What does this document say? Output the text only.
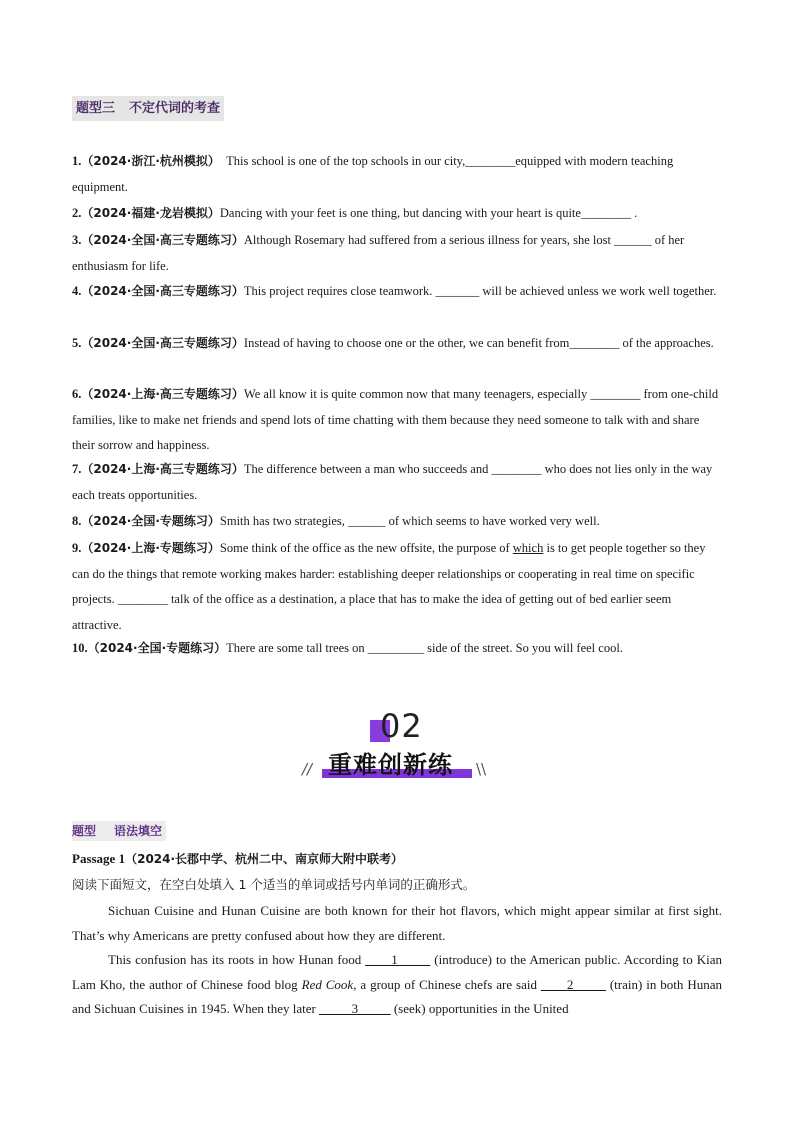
题型三 不定代词的考查
1.（2024·浙江·杭州模拟） This school is one of the top schools in our city,________equipped with modern teaching equipment.
2.（2024·福建·龙岩模拟）Dancing with your feet is one thing, but dancing with your heart is quite________ .
3.（2024·全国·高三专题练习）Although Rosemary had suffered from a serious illness for years, she lost ______ of her enthusiasm for life.
4.（2024·全国·高三专题练习）This project requires close teamwork. _______ will be achieved unless we work well together.
5.（2024·全国·高三专题练习）Instead of having to choose one or the other, we can benefit from________ of the approaches.
6.（2024·上海·高三专题练习）We all know it is quite common now that many teenagers, especially ________ from one-child families, like to make net friends and spend lots of time chatting with them because they need someone to talk with and share their sorrow and happiness.
7.（2024·上海·高三专题练习）The difference between a man who succeeds and ________ who does not lies only in the way each treats opportunities.
8.（2024·全国·专题练习）Smith has two strategies, ______ of which seems to have worked very well.
9.（2024·上海·专题练习）Some think of the office as the new offsite, the purpose of which is to get people together so they can do the things that remote working makes harder: establishing deeper relationships or cooperating in real time on specific projects. ________ talk of the office as a destination, a place that has to make the idea of getting out of bed earlier seem attractive.
10.（2024·全国·专题练习）There are some tall trees on _________ side of the street. So you will feel cool.
02
// 重难创新练 \\
题型 语法填空
Passage 1（2024·长郡中学、杭州二中、南京师大附中联考）
阅读下面短文，在空白处填入 1 个适当的单词或括号内单词的正确形式。
Sichuan Cuisine and Hunan Cuisine are both known for their hot flavors, which might appear similar at first sight. That’s why Americans are pretty confused about how they are different.
This confusion has its roots in how Hunan food ____1_____ (introduce) to the American public. According to Kian Lam Kho, the author of Chinese food blog Red Cook, a group of Chinese chefs are said ____2_____ (train) in both Hunan and Sichuan Cuisines in 1945. When they later _____3_____ (seek) opportunities in the United
